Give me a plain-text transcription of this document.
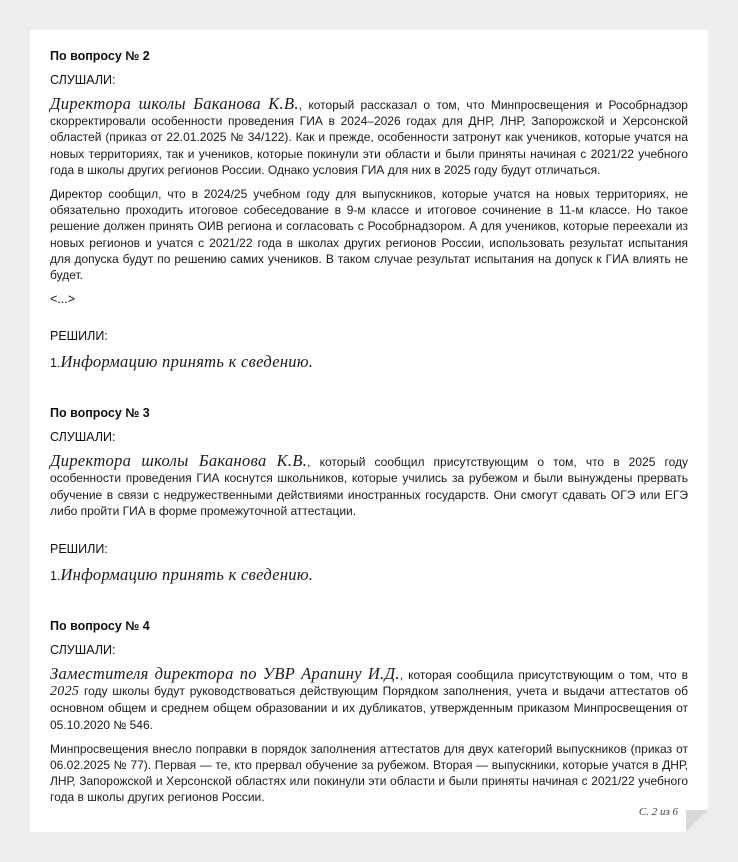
По вопросу № 2
СЛУШАЛИ:
Директора школы Баканова К.В., который рассказал о том, что Минпросвещения и Рособрнадзор скорректировали особенности проведения ГИА в 2024–2026 годах для ДНР, ЛНР, Запорожской и Херсонской областей (приказ от 22.01.2025 № 34/122). Как и прежде, особенности затронут как учеников, которые учатся на новых территориях, так и учеников, которые покинули эти области и были приняты начиная с 2021/22 учебного года в школы других регионов России. Однако условия ГИА для них в 2025 году будут отличаться.
Директор сообщил, что в 2024/25 учебном году для выпускников, которые учатся на новых территориях, не обязательно проходить итоговое собеседование в 9-м классе и итоговое сочинение в 11-м классе. Но такое решение должен принять ОИВ региона и согласовать с Рособрнадзором. А для учеников, которые переехали из новых регионов и учатся с 2021/22 года в школах других регионов России, использовать результат испытания для допуска будут по решению самих учеников. В таком случае результат испытания на допуск к ГИА влиять не будет.
<...>
РЕШИЛИ:
1.Информацию принять к сведению.
По вопросу № 3
СЛУШАЛИ:
Директора школы Баканова К.В., который сообщил присутствующим о том, что в 2025 году особенности проведения ГИА коснутся школьников, которые учились за рубежом и были вынуждены прервать обучение в связи с недружественными действиями иностранных государств. Они смогут сдавать ОГЭ или ЕГЭ либо пройти ГИА в форме промежуточной аттестации.
РЕШИЛИ:
1.Информацию принять к сведению.
По вопросу № 4
СЛУШАЛИ:
Заместителя директора по УВР Арапину И.Д., которая сообщила присутствующим о том, что в 2025 году школы будут руководствоваться действующим Порядком заполнения, учета и выдачи аттестатов об основном общем и среднем общем образовании и их дубликатов, утвержденным приказом Минпросвещения от 05.10.2020 № 546.
Минпросвещения внесло поправки в порядок заполнения аттестатов для двух категорий выпускников (приказ от 06.02.2025 № 77). Первая — те, кто прервал обучение за рубежом. Вторая — выпускники, которые учатся в ДНР, ЛНР, Запорожской и Херсонской областях или покинули эти области и были приняты начиная с 2021/22 учебного года в школы других регионов России.
С. 2 из 6
